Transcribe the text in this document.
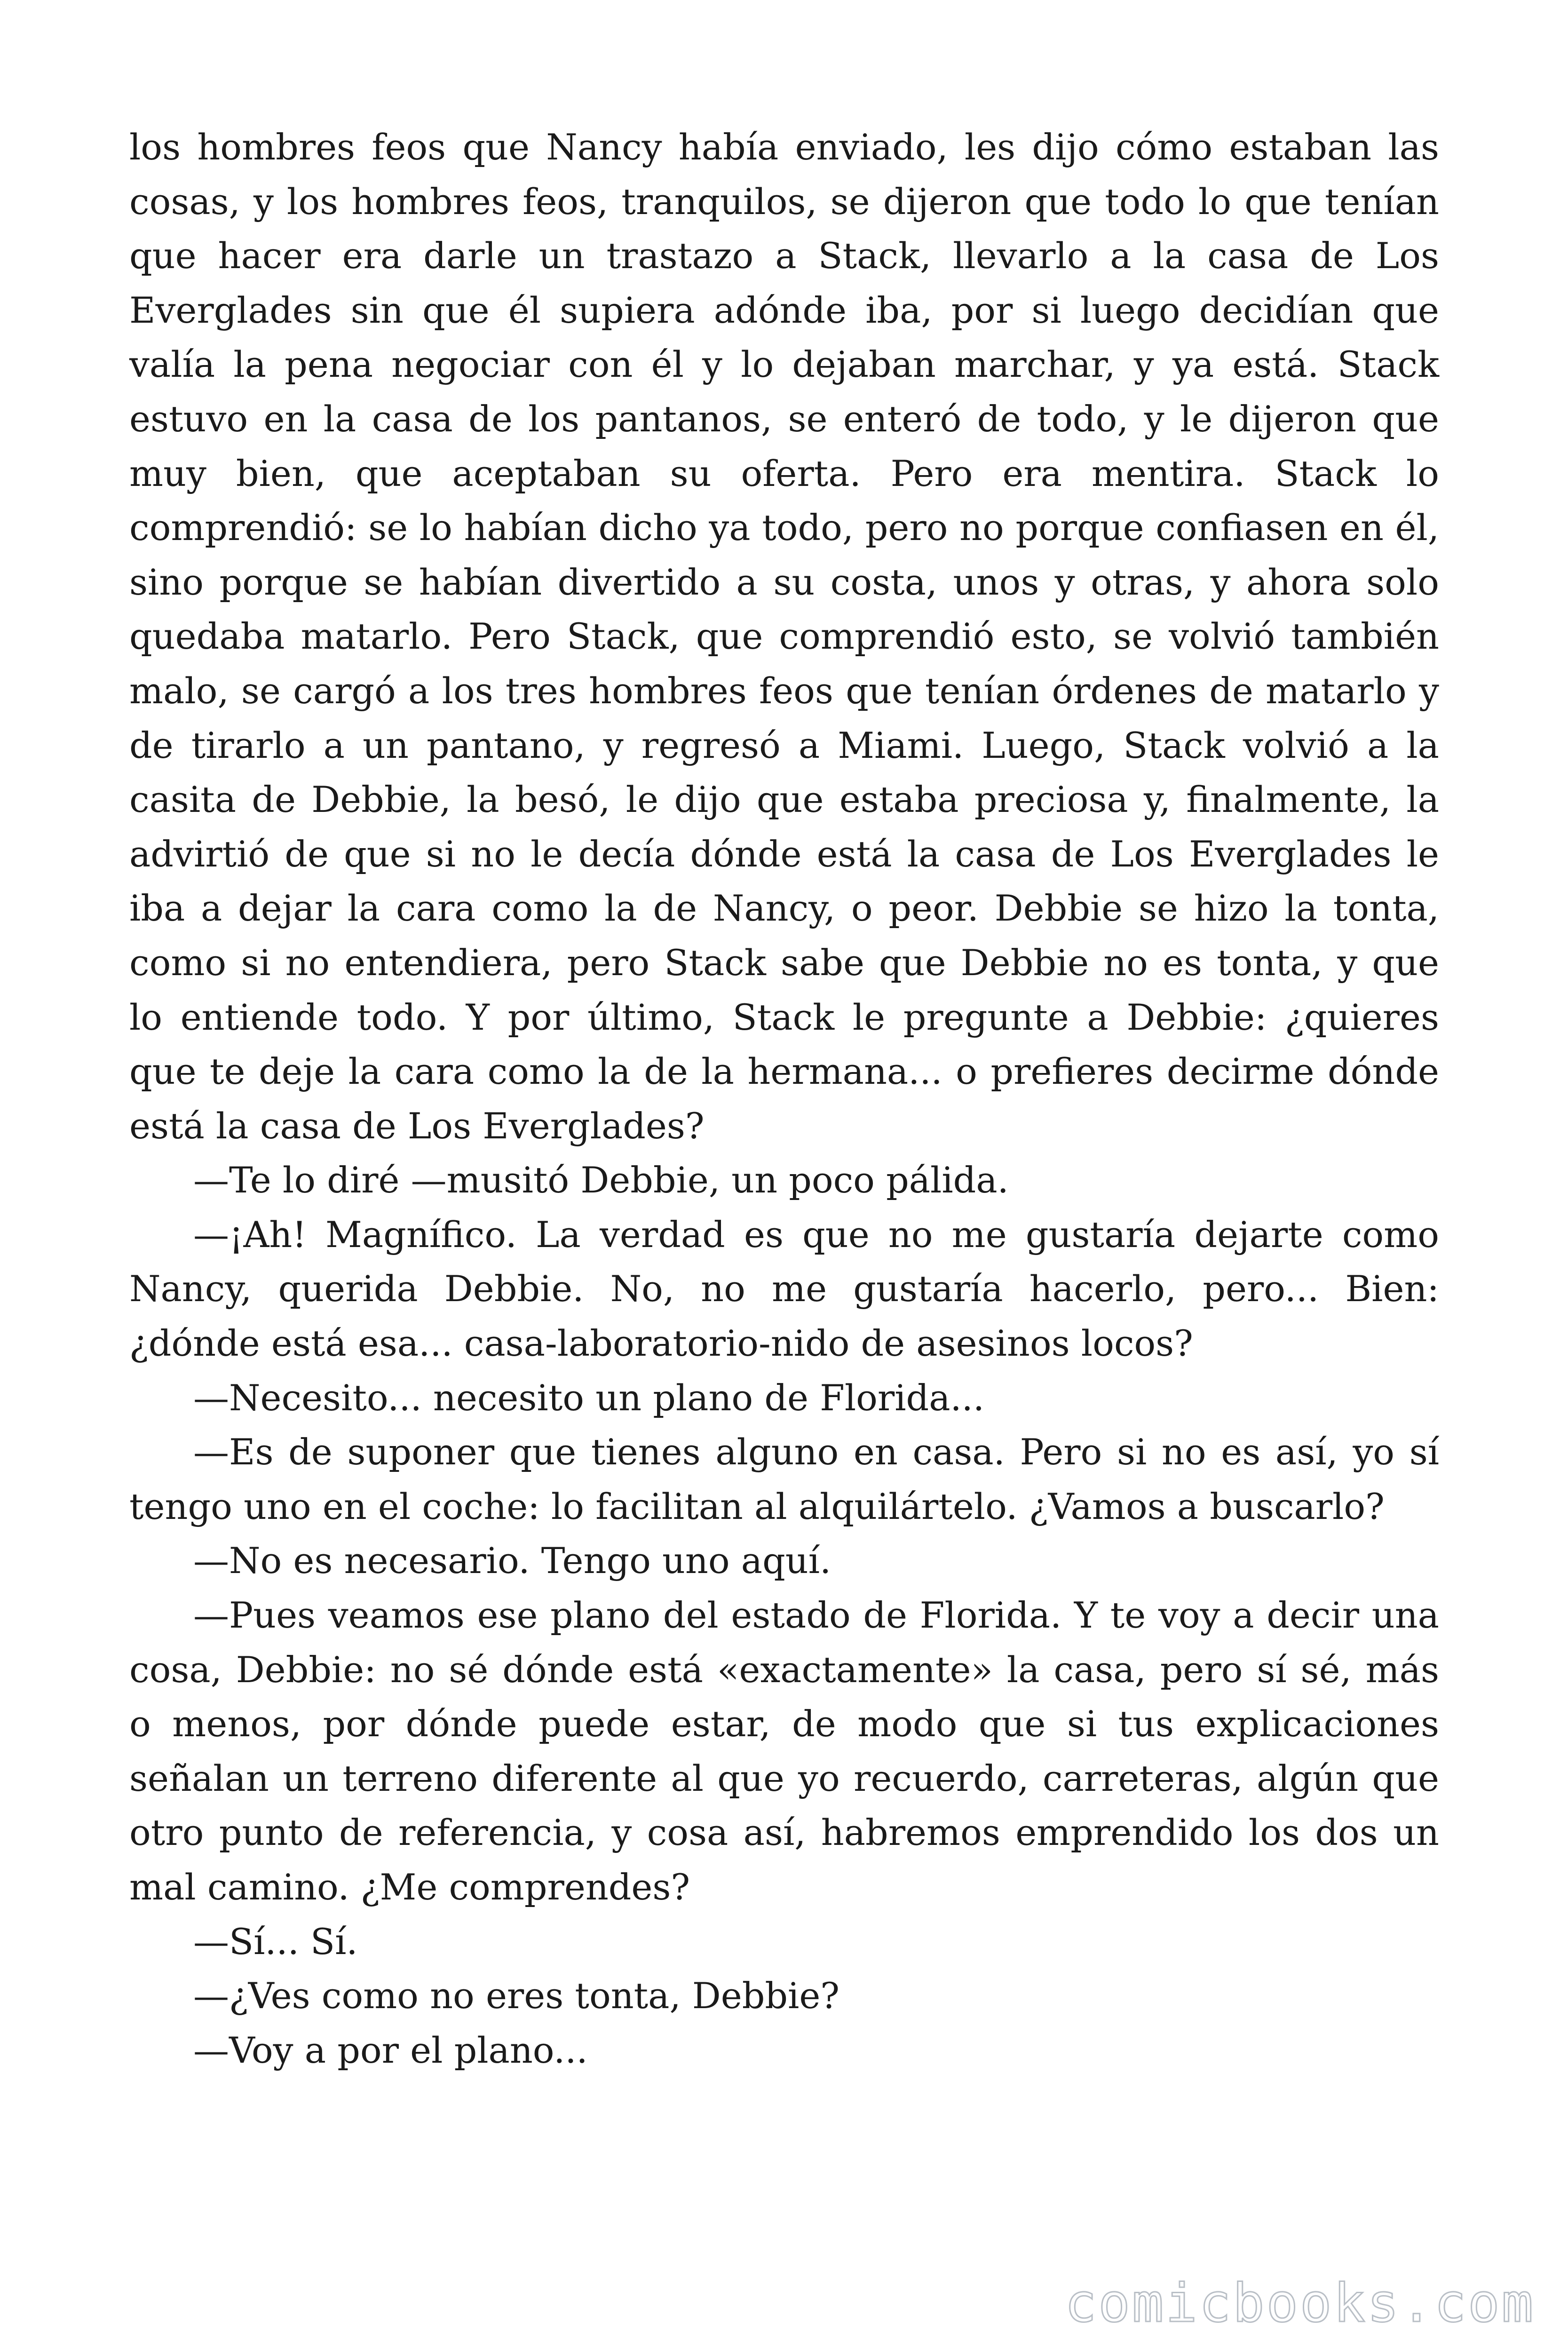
los hombres feos que Nancy había enviado, les dijo cómo estaban las cosas, y los hombres feos, tranquilos, se dijeron que todo lo que tenían que hacer era darle un trastazo a Stack, llevarlo a la casa de Los Everglades sin que él supiera adónde iba, por si luego decidían que valía la pena negociar con él y lo dejaban marchar, y ya está. Stack estuvo en la casa de los pantanos, se enteró de todo, y le dijeron que muy bien, que aceptaban su oferta. Pero era mentira. Stack lo comprendió: se lo habían dicho ya todo, pero no porque confiasen en él, sino porque se habían divertido a su costa, unos y otras, y ahora solo quedaba matarlo. Pero Stack, que comprendió esto, se volvió también malo, se cargó a los tres hombres feos que tenían órdenes de matarlo y de tirarlo a un pantano, y regresó a Miami. Luego, Stack volvió a la casita de Debbie, la besó, le dijo que estaba preciosa y, finalmente, la advirtió de que si no le decía dónde está la casa de Los Everglades le iba a dejar la cara como la de Nancy, o peor. Debbie se hizo la tonta, como si no entendiera, pero Stack sabe que Debbie no es tonta, y que lo entiende todo. Y por último, Stack le pregunte a Debbie: ¿quieres que te deje la cara como la de la hermana... o prefieres decirme dónde está la casa de Los Everglades?

—Te lo diré —musitó Debbie, un poco pálida.

—¡Ah! Magnífico. La verdad es que no me gustaría dejarte como Nancy, querida Debbie. No, no me gustaría hacerlo, pero... Bien: ¿dónde está esa... casa-laboratorio-nido de asesinos locos?

—Necesito... necesito un plano de Florida...

—Es de suponer que tienes alguno en casa. Pero si no es así, yo sí tengo uno en el coche: lo facilitan al alquilártelo. ¿Vamos a buscarlo?

—No es necesario. Tengo uno aquí.

—Pues veamos ese plano del estado de Florida. Y te voy a decir una cosa, Debbie: no sé dónde está «exactamente» la casa, pero sí sé, más o menos, por dónde puede estar, de modo que si tus explicaciones señalan un terreno diferente al que yo recuerdo, carreteras, algún que otro punto de referencia, y cosa así, habremos emprendido los dos un mal camino. ¿Me comprendes?

—Sí... Sí.

—¿Ves como no eres tonta, Debbie?

—Voy a por el plano...

comicbooks.com
